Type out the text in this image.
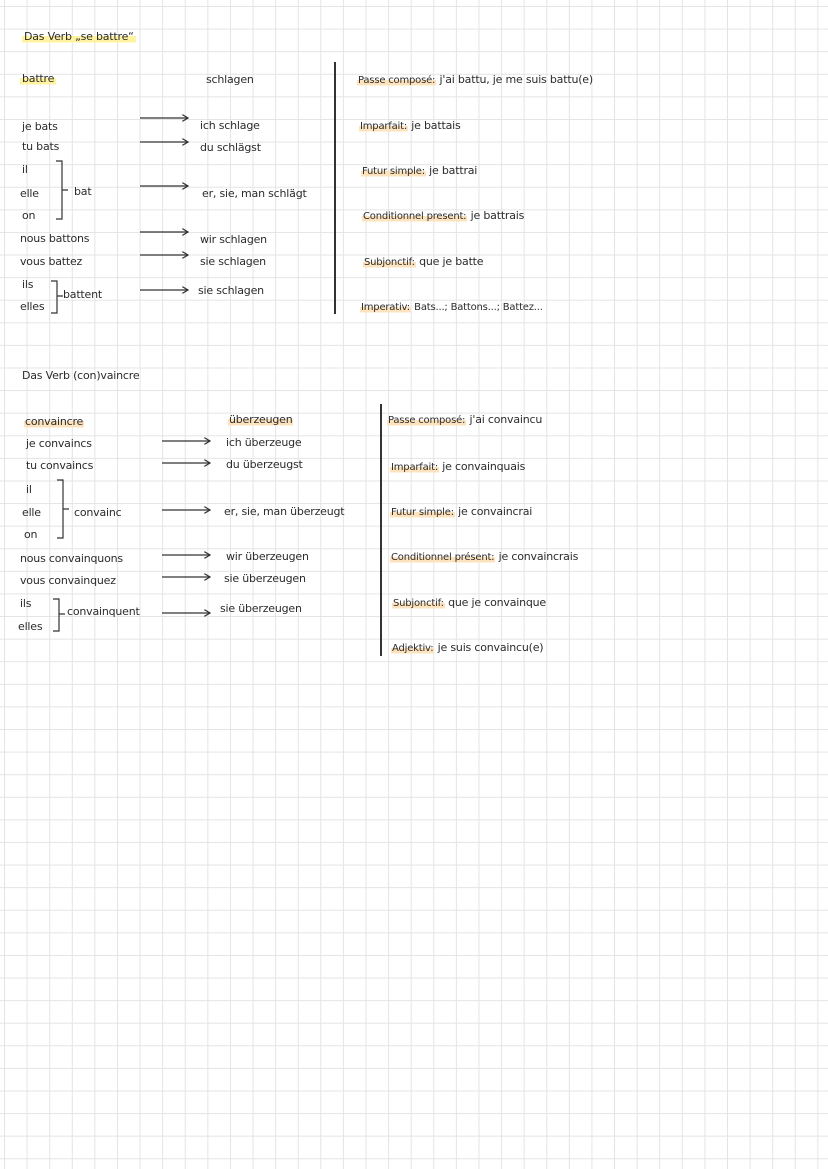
Das Verb „se battre“
battre	schlagen
je bats
tu bats
il
elle
on
bat
nous battons
vous battez
ils
elles
battent
ich schlage
du schlägst
er, sie, man schlägt
wir schlagen
sie schlagen
sie schlagen
Passe composé: j'ai battu, je me suis battu(e)
Imparfait: je battais
Futur simple: je battrai
Conditionnel present: je battrais
Subjonctif: que je batte
Imperativ: Bats...; Battons...; Battez...
Das Verb (con)vaincre
convaincre	überzeugen
je convaincs
tu convaincs
il
elle
on
convainc
nous convainquons
vous convainquez
ils
elles
convainquent
ich überzeuge
du überzeugst
er, sie, man überzeugt
wir überzeugen
sie überzeugen
sie überzeugen
Passe composé: j'ai convaincu
Imparfait: je convainquais
Futur simple: je convaincrai
Conditionnel présent: je convaincrais
Subjonctif: que je convainque
Adjektiv: je suis convaincu(e)
